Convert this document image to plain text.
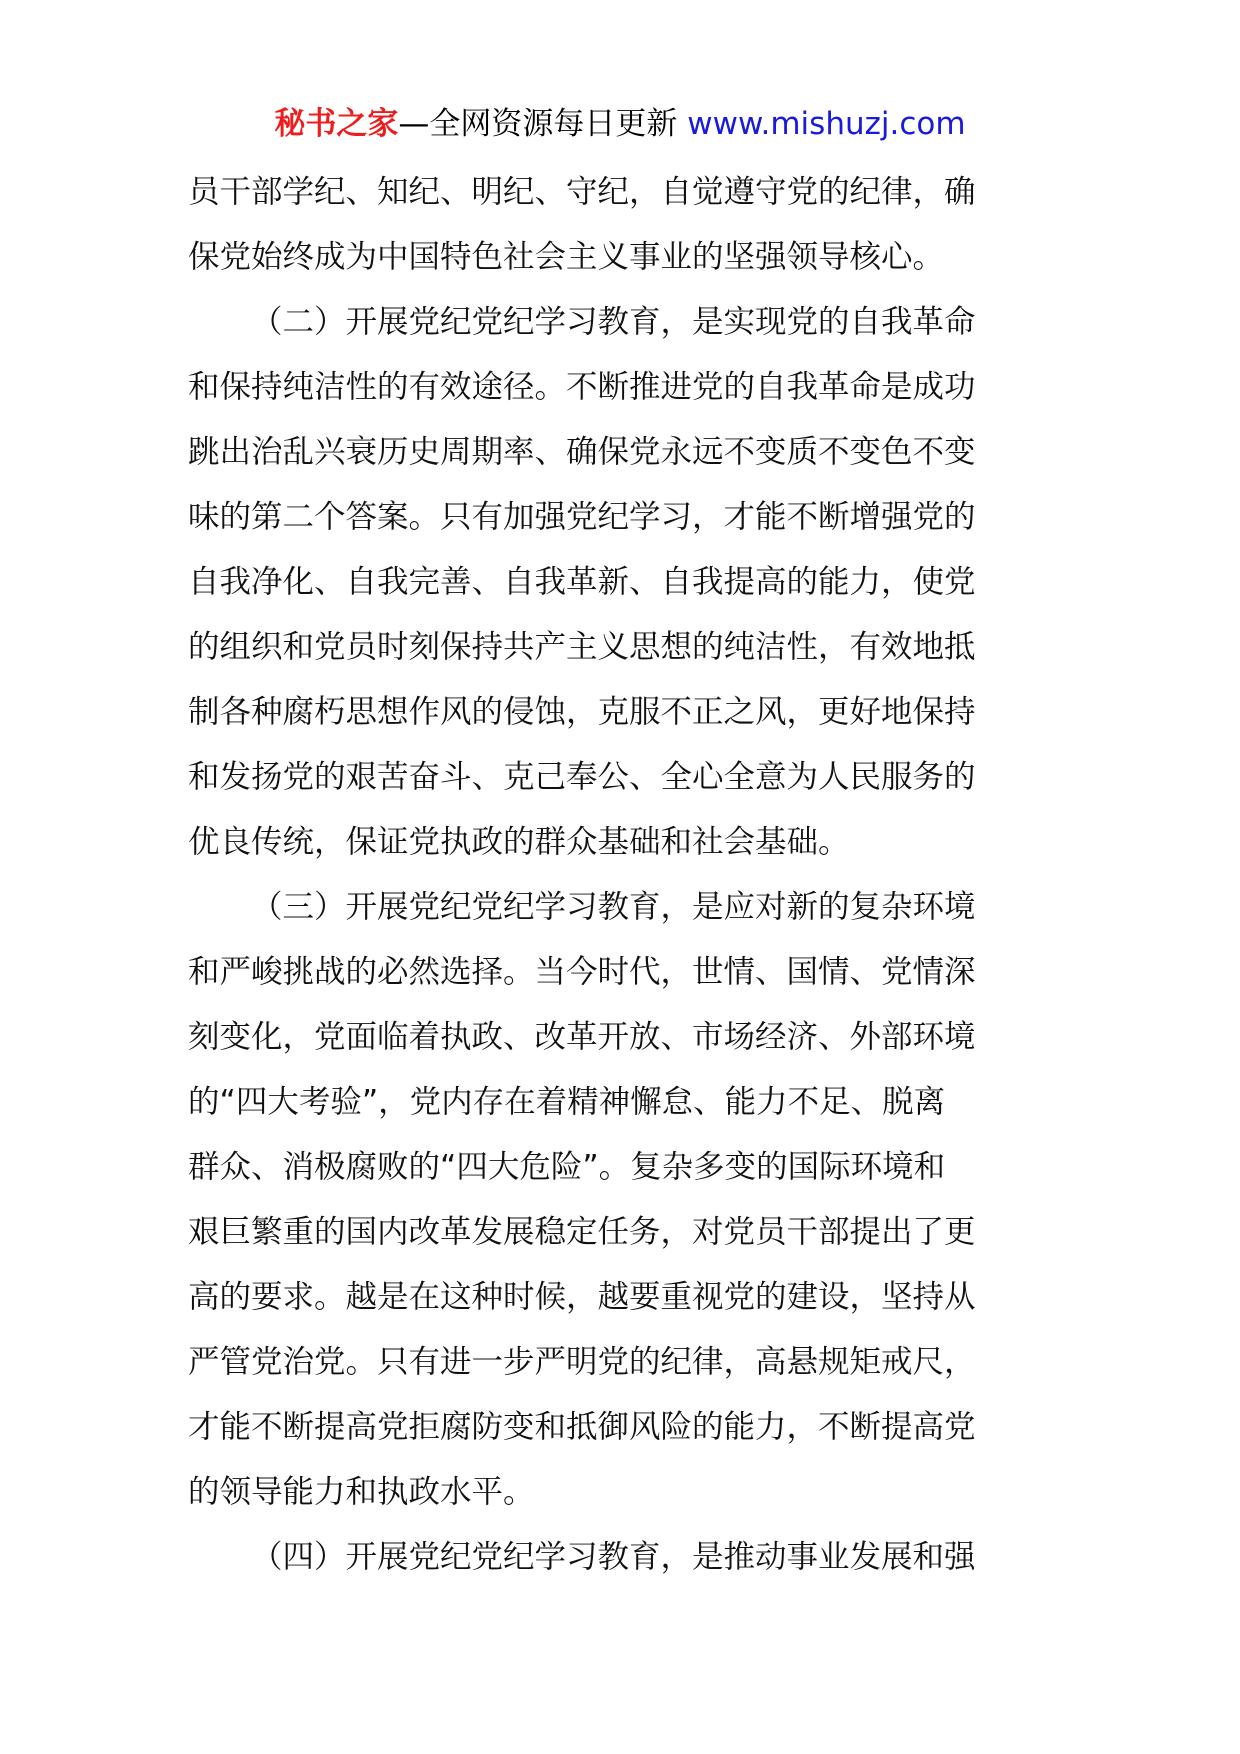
秘书之家—全网资源每日更新 www.mishuzj.com
员干部学纪、知纪、明纪、守纪，自觉遵守党的纪律，确
保党始终成为中国特色社会主义事业的坚强领导核心。
（二）开展党纪党纪学习教育，是实现党的自我革命
和保持纯洁性的有效途径。不断推进党的自我革命是成功
跳出治乱兴衰历史周期率、确保党永远不变质不变色不变
味的第二个答案。只有加强党纪学习，才能不断增强党的
自我净化、自我完善、自我革新、自我提高的能力，使党
的组织和党员时刻保持共产主义思想的纯洁性，有效地抵
制各种腐朽思想作风的侵蚀，克服不正之风，更好地保持
和发扬党的艰苦奋斗、克己奉公、全心全意为人民服务的
优良传统，保证党执政的群众基础和社会基础。
（三）开展党纪党纪学习教育，是应对新的复杂环境
和严峻挑战的必然选择。当今时代，世情、国情、党情深
刻变化，党面临着执政、改革开放、市场经济、外部环境
的“四大考验”，党内存在着精神懈怠、能力不足、脱离
群众、消极腐败的“四大危险”。复杂多变的国际环境和
艰巨繁重的国内改革发展稳定任务，对党员干部提出了更
高的要求。越是在这种时候，越要重视党的建设，坚持从
严管党治党。只有进一步严明党的纪律，高悬规矩戒尺，
才能不断提高党拒腐防变和抵御风险的能力，不断提高党
的领导能力和执政水平。
（四）开展党纪党纪学习教育，是推动事业发展和强
